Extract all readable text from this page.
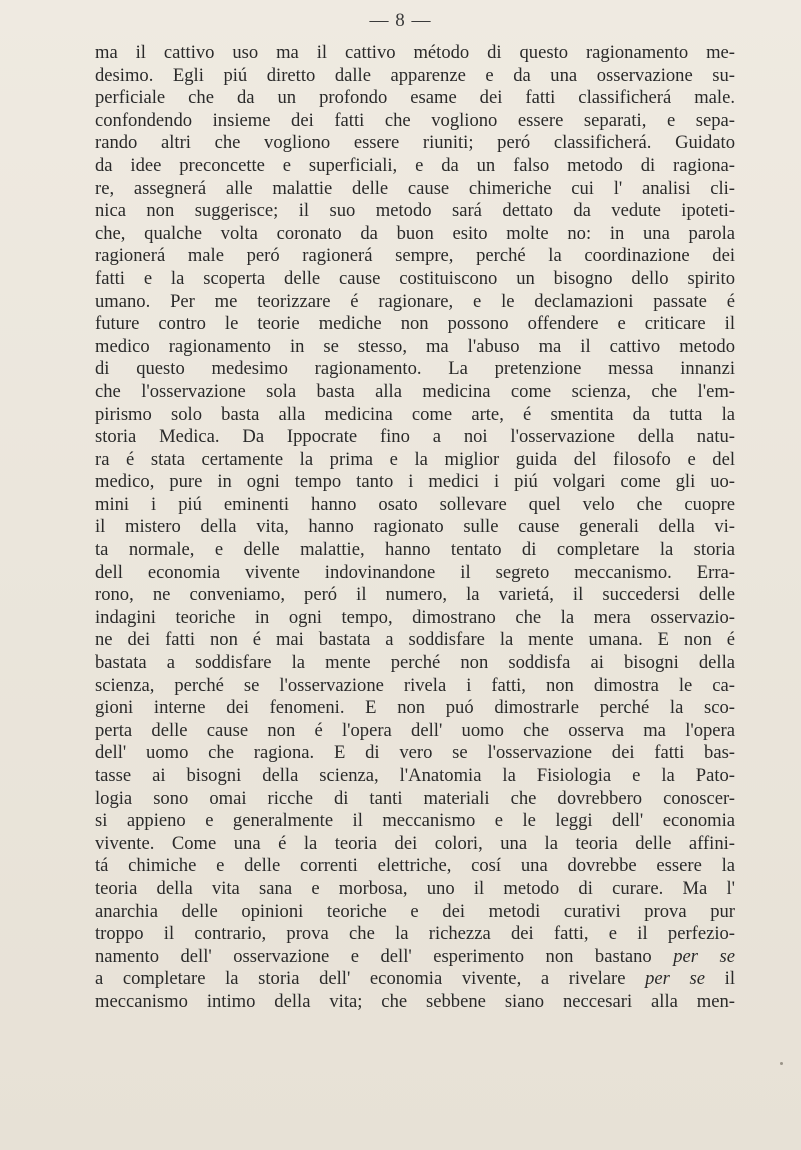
— 8 —
ma il cattivo uso ma il cattivo método di questo ragionamento me-
desimo. Egli piú diretto dalle apparenze e da una osservazione su-
perficiale che da un profondo esame dei fatti classificherá male.
confondendo insieme dei fatti che vogliono essere separati, e sepa-
rando altri che vogliono essere riuniti; peró classificherá. Guidato
da idee preconcette e superficiali, e da un falso metodo di ragiona-
re, assegnerá alle malattie delle cause chimeriche cui l' analisi cli-
nica non suggerisce; il suo metodo sará dettato da vedute ipoteti-
che, qualche volta coronato da buon esito molte no: in una parola
ragionerá male peró ragionerá sempre, perché la coordinazione dei
fatti e la scoperta delle cause costituiscono un bisogno dello spirito
umano. Per me teorizzare é ragionare, e le declamazioni passate é
future contro le teorie mediche non possono offendere e criticare il
medico ragionamento in se stesso, ma l'abuso ma il cattivo metodo
di questo medesimo ragionamento. La pretenzione messa innanzi
che l'osservazione sola basta alla medicina come scienza, che l'em-
pirismo solo basta alla medicina come arte, é smentita da tutta la
storia Medica. Da Ippocrate fino a noi l'osservazione della natu-
ra é stata certamente la prima e la miglior guida del filosofo e del
medico, pure in ogni tempo tanto i medici i piú volgari come gli uo-
mini i piú eminenti hanno osato sollevare quel velo che cuopre
il mistero della vita, hanno ragionato sulle cause generali della vi-
ta normale, e delle malattie, hanno tentato di completare la storia
dell economia vivente indovinandone il segreto meccanismo. Erra-
rono, ne conveniamo, peró il numero, la varietá, il succedersi delle
indagini teoriche in ogni tempo, dimostrano che la mera osservazio-
ne dei fatti non é mai bastata a soddisfare la mente umana. E non é
bastata a soddisfare la mente perché non soddisfa ai bisogni della
scienza, perché se l'osservazione rivela i fatti, non dimostra le ca-
gioni interne dei fenomeni. E non puó dimostrarle perché la sco-
perta delle cause non é l'opera dell' uomo che osserva ma l'opera
dell' uomo che ragiona. E di vero se l'osservazione dei fatti bas-
tasse ai bisogni della scienza, l'Anatomia la Fisiologia e la Pato-
logia sono omai ricche di tanti materiali che dovrebbero conoscer-
si appieno e generalmente il meccanismo e le leggi dell' economia
vivente. Come una é la teoria dei colori, una la teoria delle affini-
tá chimiche e delle correnti elettriche, cosí una dovrebbe essere la
teoria della vita sana e morbosa, uno il metodo di curare. Ma l'
anarchia delle opinioni teoriche e dei metodi curativi prova pur
troppo il contrario, prova che la richezza dei fatti, e il perfezio-
namento dell' osservazione e dell' esperimento non bastano per se
a completare la storia dell' economia vivente, a rivelare per se il
meccanismo intimo della vita; che sebbene siano neccesari alla men-
